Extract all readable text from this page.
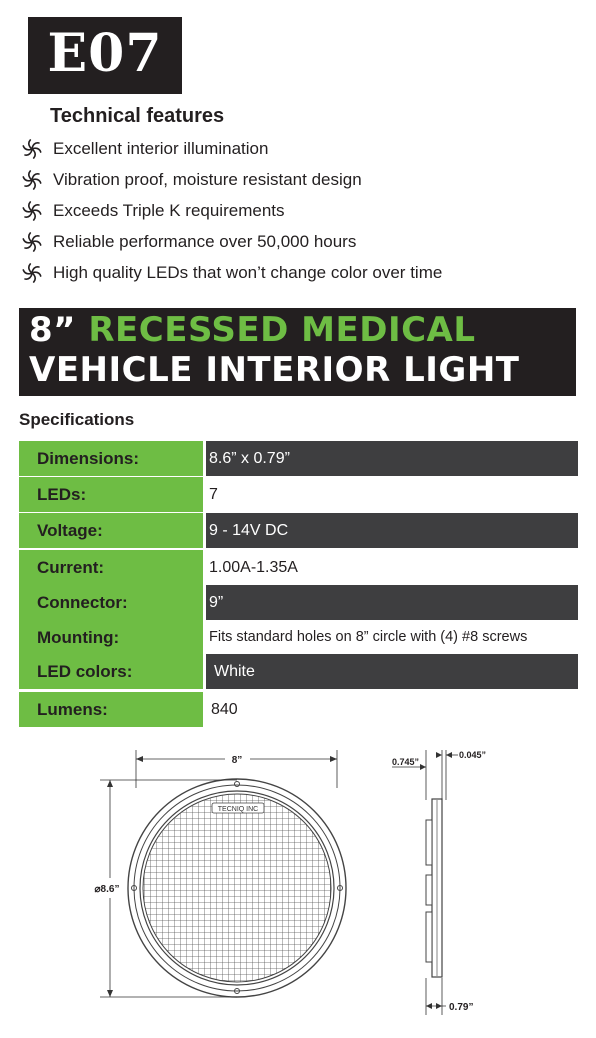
E07
Technical features
Excellent interior illumination
Vibration proof, moisture resistant design
Exceeds Triple K requirements
Reliable performance over 50,000 hours
High quality LEDs that won’t change color over time
8” RECESSED MEDICAL
VEHICLE INTERIOR LIGHT
Specifications
Dimensions:	8.6” x 0.79”
LEDs:	7
Voltage:	9 - 14V DC
Current:	1.00A-1.35A
Connector:	9”
Mounting:	Fits standard holes on 8” circle with (4) #8 screws
LED colors:	White
Lumens:	840
TECNIQ INC
8”
⌀8.6”
0.745”
0.045”
0.79”
